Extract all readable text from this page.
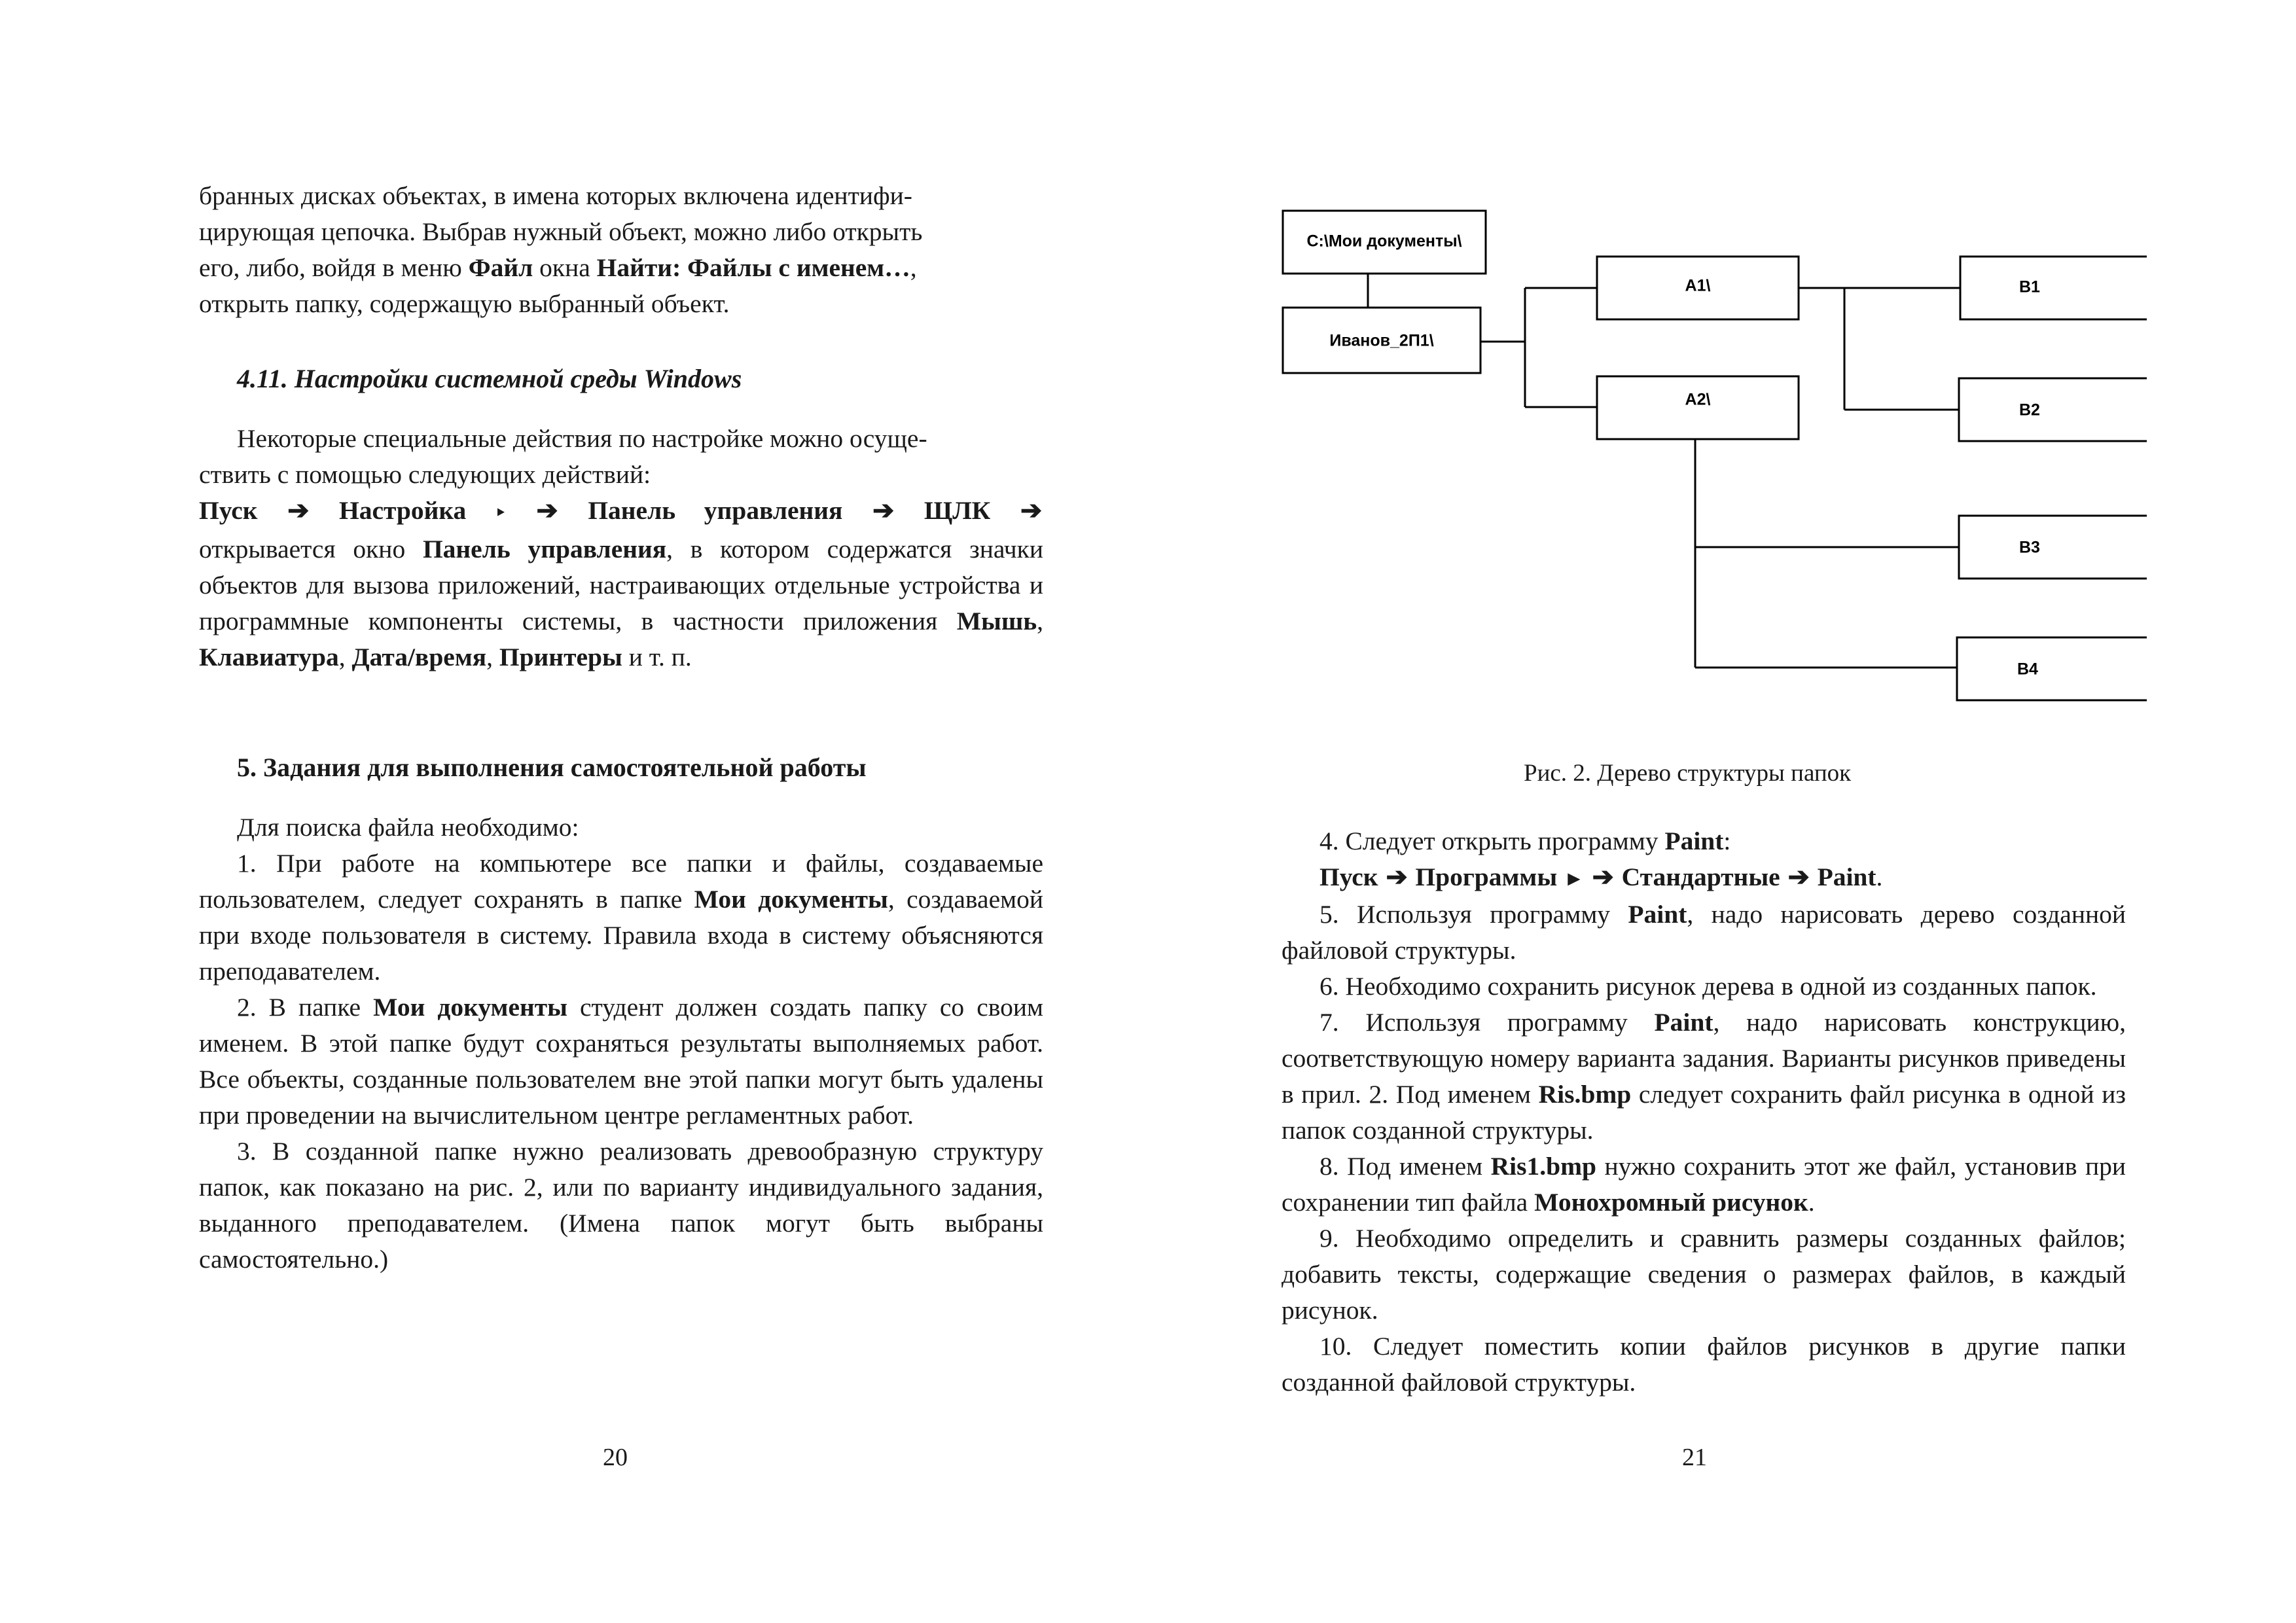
бранных дисках объектах, в имена которых включена идентифи-

цирующая цепочка. Выбрав нужный объект, можно либо открыть

его, либо, войдя в меню Файл окна Найти: Файлы с именем…,

открыть папку, содержащую выбранный объект.

4.11. Настройки системной среды Windows

Некоторые специальные действия по настройке можно осуще-

ствить с помощью следующих действий:

Пуск ➔ Настройка ‣ ➔ Панель управления ➔ ЩЛК ➔

открывается окно Панель управления, в котором содержатся значки объектов для вызова приложений, настраивающих отдельные устройства и программные компоненты системы, в частности приложения Мышь, Клавиатура, Дата/время, Принтеры и т. п.

5. Задания для выполнения самостоятельной работы

Для поиска файла необходимо:

1. При работе на компьютере все папки и файлы, создаваемые пользователем, следует сохранять в папке Мои документы, создаваемой при входе пользователя в систему. Правила входа в систему объясняются преподавателем.

2. В папке Мои документы студент должен создать папку со своим именем. В этой папке будут сохраняться результаты выполняемых работ. Все объекты, созданные пользователем вне этой папки могут быть удалены при проведении на вычислительном центре регламентных работ.

3. В созданной папке нужно реализовать древообразную структуру папок, как показано на рис. 2, или по варианту индивидуального задания, выданного преподавателем. (Имена папок могут быть выбраны самостоятельно.)

20
C:\Мои документы\
Иванов_2П1\
A1\
A2\
B1
B2
B3
B4

Рис. 2. Дерево структуры папок

4. Следует открыть программу Paint:

Пуск ➔ Программы ► ➔ Стандартные ➔ Paint.

5. Используя программу Paint, надо нарисовать дерево созданной файловой структуры.

6. Необходимо сохранить рисунок дерева в одной из созданных папок.

7. Используя программу Paint, надо нарисовать конструкцию, соответствующую номеру варианта задания. Варианты рисунков приведены в прил. 2. Под именем Ris.bmp следует сохранить файл рисунка в одной из папок созданной структуры.

8. Под именем Ris1.bmp нужно сохранить этот же файл, установив при сохранении тип файла Монохромный рисунок.

9. Необходимо определить и сравнить размеры созданных файлов; добавить тексты, содержащие сведения о размерах файлов, в каждый рисунок.

10. Следует поместить копии файлов рисунков в другие папки созданной файловой структуры.

21
